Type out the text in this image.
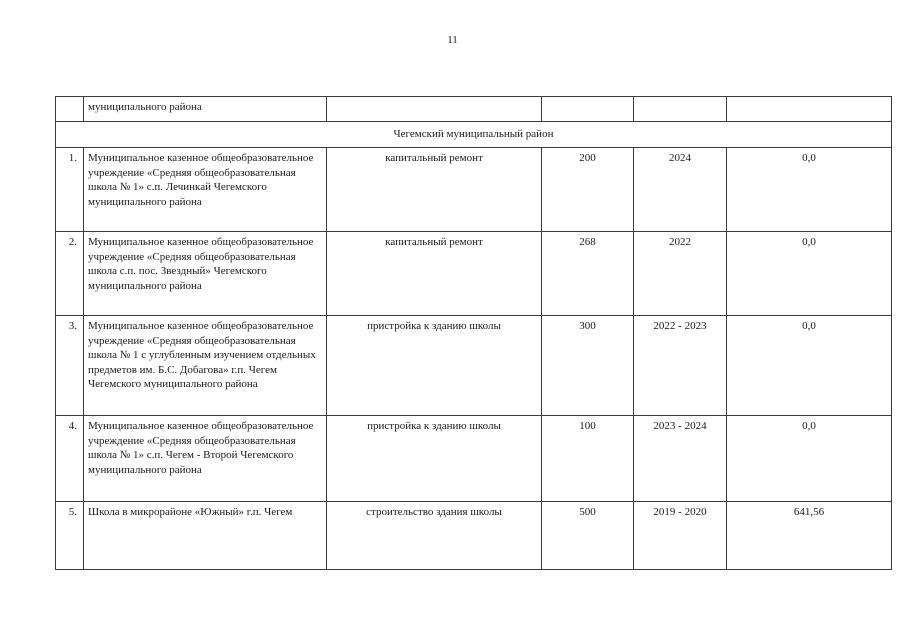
11
	муниципального района				
Чегемский муниципальный район					
1.	Муниципальное казенное общеобразовательное учреждение «Средняя общеобразовательная школа № 1» с.п. Лечинкай Чегемского муниципального района	капитальный ремонт	200	2024	0,0
2.	Муниципальное казенное общеобразовательное учреждение «Средняя общеобразовательная школа с.п. пос. Звездный» Чегемского муниципального района	капитальный ремонт	268	2022	0,0
3.	Муниципальное казенное общеобразовательное учреждение «Средняя общеобразовательная школа № 1 с углубленным изучением отдельных предметов им. Б.С. Добагова» г.п. Чегем Чегемского муниципального района	пристройка к зданию школы	300	2022 - 2023	0,0
4.	Муниципальное казенное общеобразовательное учреждение «Средняя общеобразовательная школа № 1» с.п. Чегем - Второй Чегемского муниципального района	пристройка к зданию школы	100	2023 - 2024	0,0
5.	Школа в микрорайоне «Южный» г.п. Чегем	строительство здания школы	500	2019 - 2020	641,56
